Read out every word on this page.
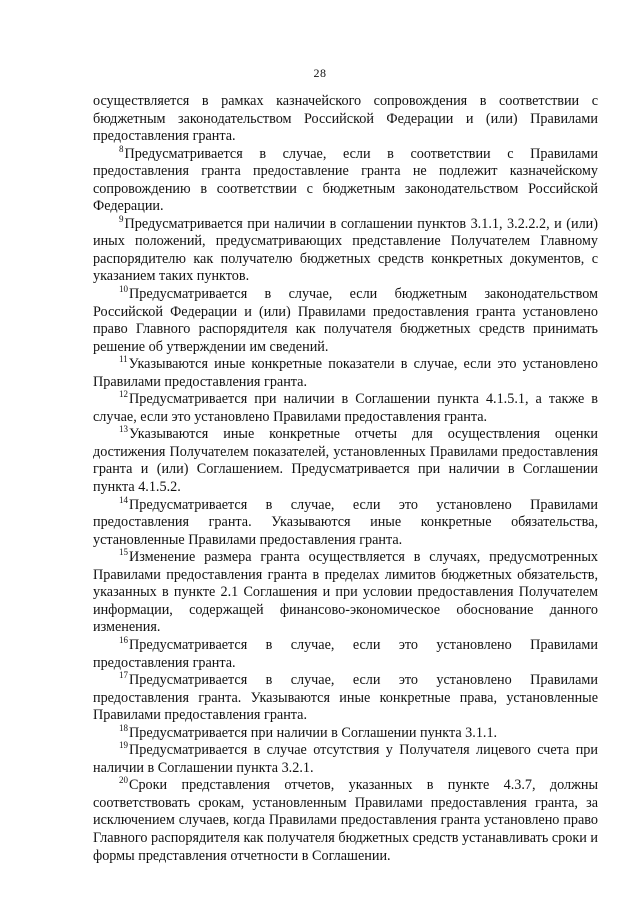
28

осуществляется в рамках казначейского сопровождения в соответствии с бюджетным законодательством Российской Федерации и (или) Правилами предоставления гранта.

$^8$Предусматривается в случае, если в соответствии с Правилами предоставления гранта предоставление гранта не подлежит казначейскому сопровождению в соответствии с бюджетным законодательством Российской Федерации.

$^9$Предусматривается при наличии в соглашении пунктов 3.1.1, 3.2.2.2, и (или) иных положений, предусматривающих представление Получателем Главному распорядителю как получателю бюджетных средств конкретных документов, с указанием таких пунктов.

$^{10}$Предусматривается в случае, если бюджетным законодательством Российской Федерации и (или) Правилами предоставления гранта установлено право Главного распорядителя как получателя бюджетных средств принимать решение об утверждении им сведений.

$^{11}$Указываются иные конкретные показатели в случае, если это установлено Правилами предоставления гранта.

$^{12}$Предусматривается при наличии в Соглашении пункта 4.1.5.1, а также в случае, если это установлено Правилами предоставления гранта.

$^{13}$Указываются иные конкретные отчеты для осуществления оценки достижения Получателем показателей, установленных Правилами предоставления гранта и (или) Соглашением. Предусматривается при наличии в Соглашении пункта 4.1.5.2.

$^{14}$Предусматривается в случае, если это установлено Правилами предоставления гранта. Указываются иные конкретные обязательства, установленные Правилами предоставления гранта.

$^{15}$Изменение размера гранта осуществляется в случаях, предусмотренных Правилами предоставления гранта в пределах лимитов бюджетных обязательств, указанных в пункте 2.1 Соглашения и при условии предоставления Получателем информации, содержащей финансово-экономическое обоснование данного изменения.

$^{16}$Предусматривается в случае, если это установлено Правилами предоставления гранта.

$^{17}$Предусматривается в случае, если это установлено Правилами предоставления гранта. Указываются иные конкретные права, установленные Правилами предоставления гранта.

$^{18}$Предусматривается при наличии в Соглашении пункта 3.1.1.

$^{19}$Предусматривается в случае отсутствия у Получателя лицевого счета при наличии в Соглашении пункта 3.2.1.

$^{20}$Сроки представления отчетов, указанных в пункте 4.3.7, должны соответствовать срокам, установленным Правилами предоставления гранта, за исключением случаев, когда Правилами предоставления гранта установлено право Главного распорядителя как получателя бюджетных средств устанавливать сроки и формы представления отчетности в Соглашении.
